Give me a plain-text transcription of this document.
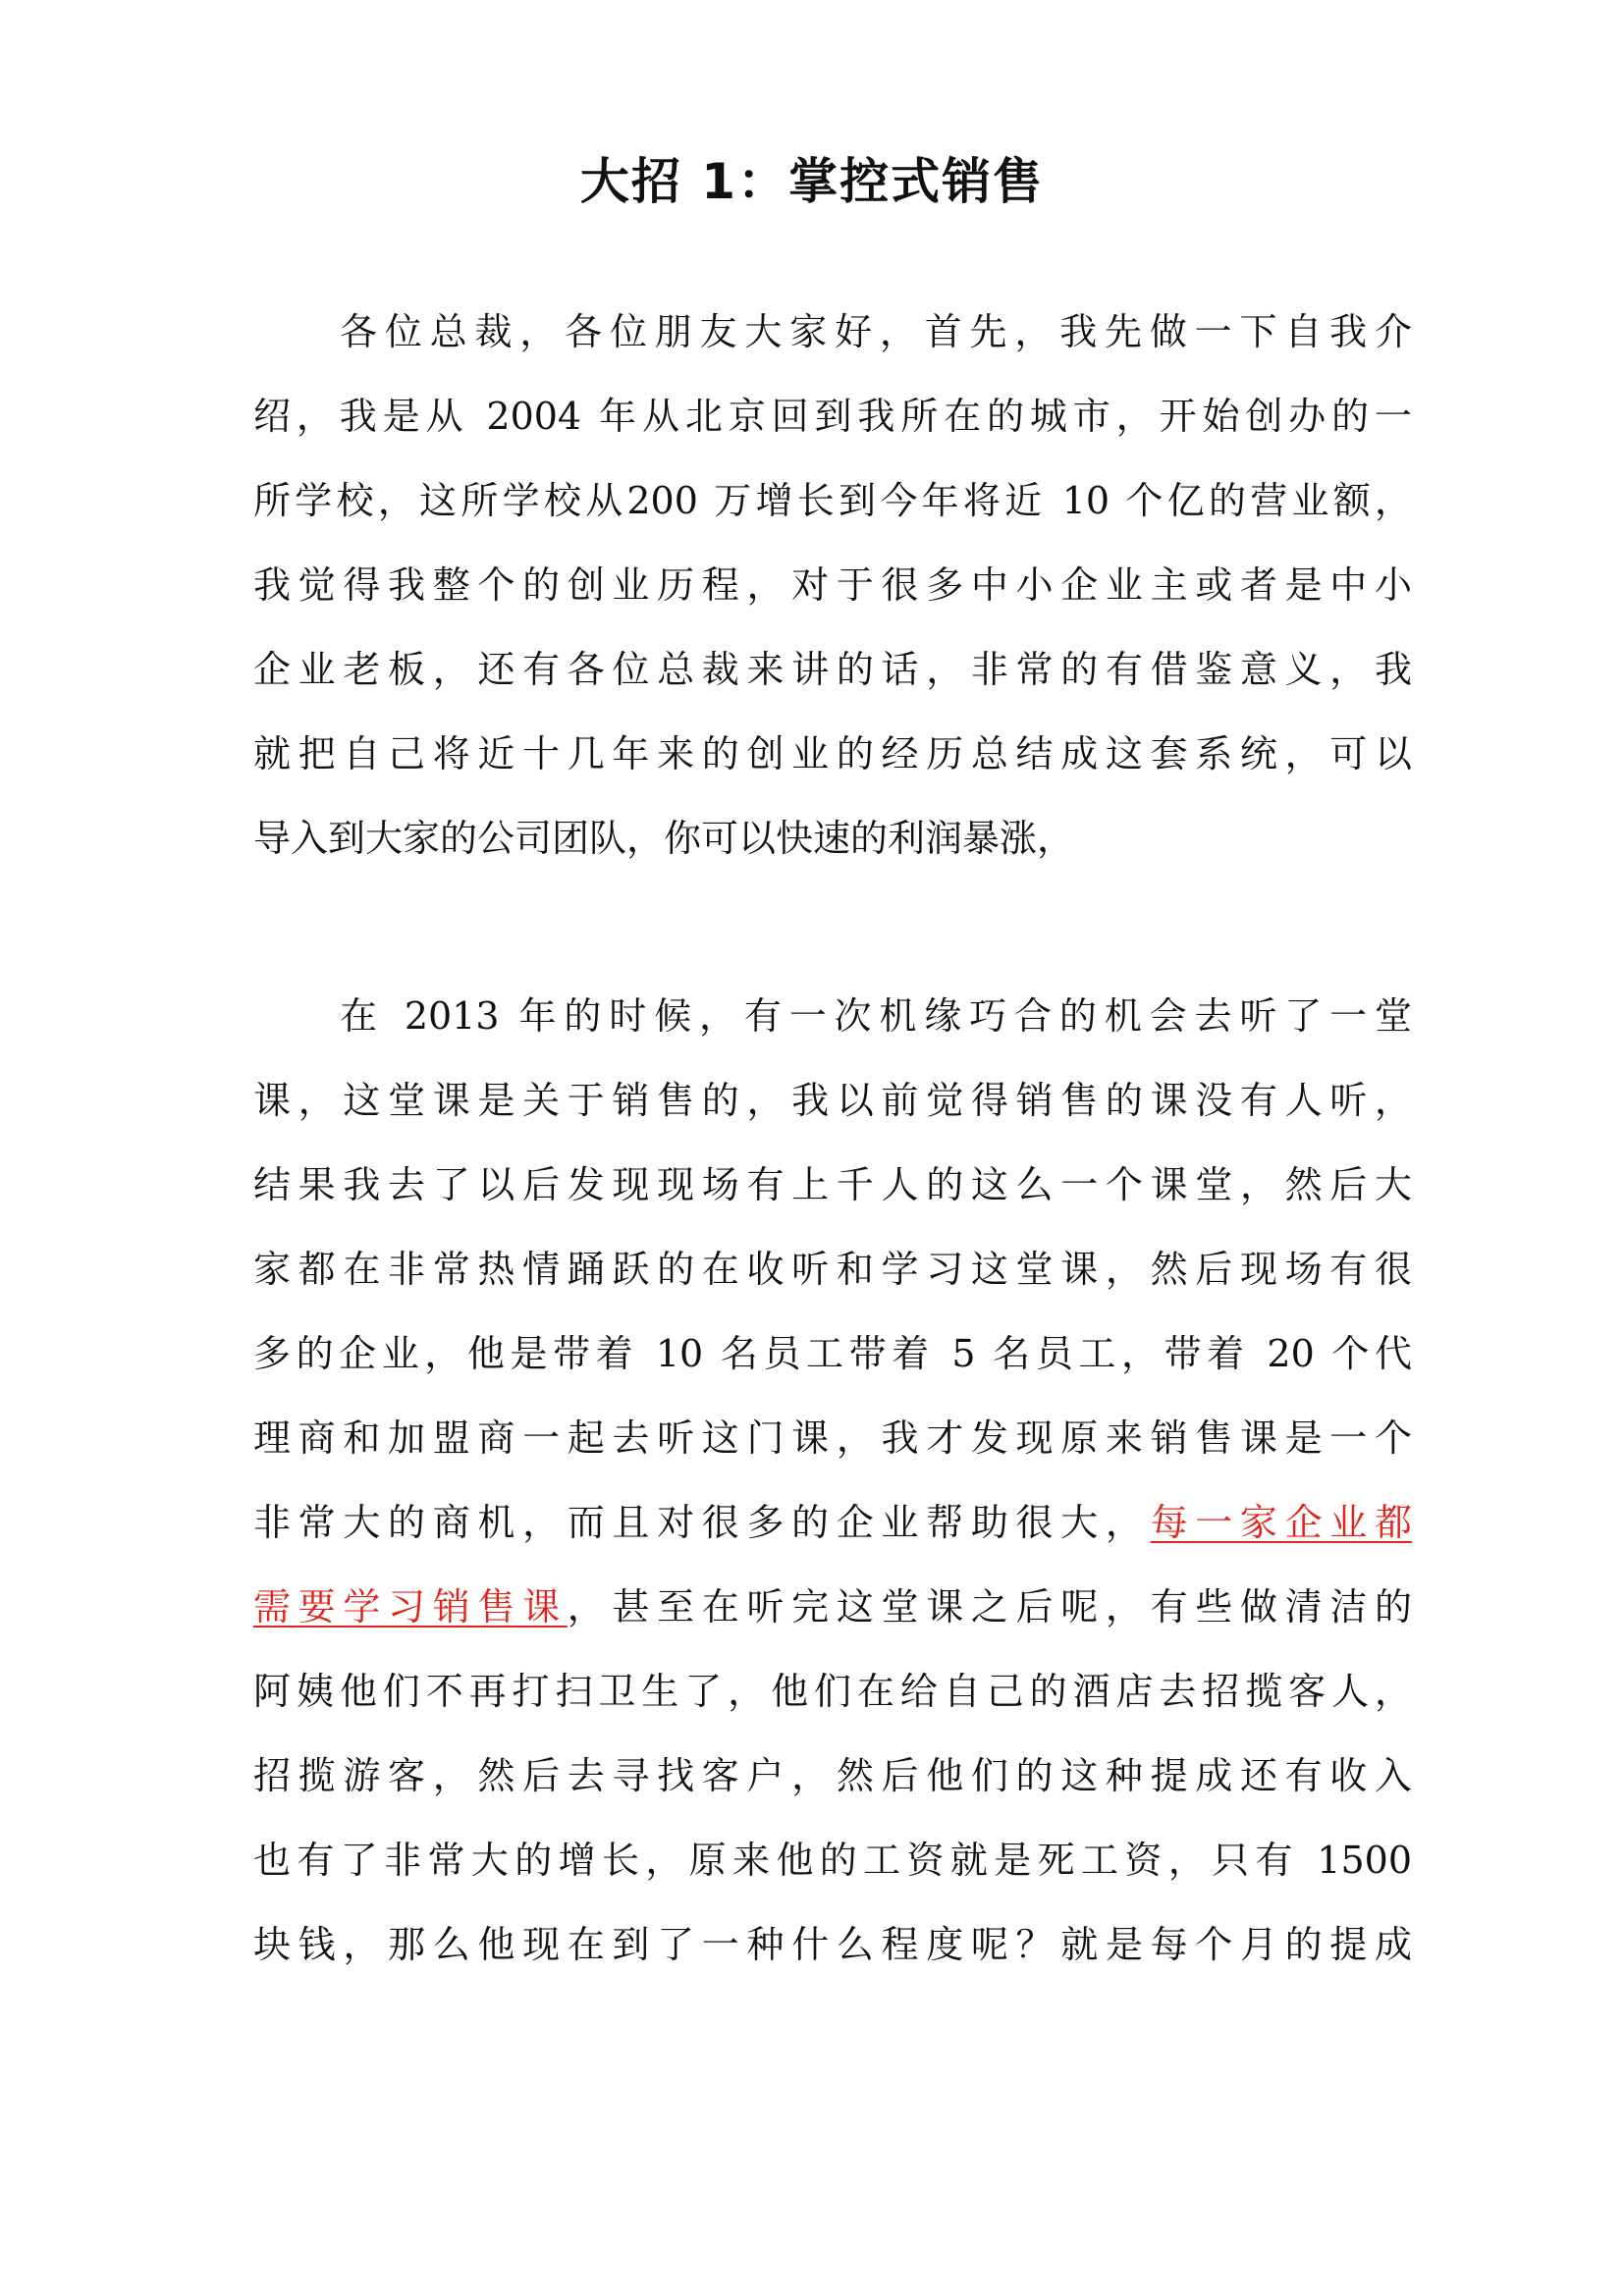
大招 1：掌控式销售
各位总裁，各位朋友大家好，首先，我先做一下自我介
绍，我是从 2004 年从北京回到我所在的城市，开始创办的一
所学校，这所学校从200 万增长到今年将近 10 个亿的营业额，
我觉得我整个的创业历程，对于很多中小企业主或者是中小
企业老板，还有各位总裁来讲的话，非常的有借鉴意义，我
就把自己将近十几年来的创业的经历总结成这套系统，可以
导入到大家的公司团队，你可以快速的利润暴涨，
在 2013 年的时候，有一次机缘巧合的机会去听了一堂
课，这堂课是关于销售的，我以前觉得销售的课没有人听，
结果我去了以后发现现场有上千人的这么一个课堂，然后大
家都在非常热情踊跃的在收听和学习这堂课，然后现场有很
多的企业，他是带着 10 名员工带着 5 名员工，带着 20 个代
理商和加盟商一起去听这门课，我才发现原来销售课是一个
非常大的商机，而且对很多的企业帮助很大，每一家企业都
需要学习销售课，甚至在听完这堂课之后呢，有些做清洁的
阿姨他们不再打扫卫生了，他们在给自己的酒店去招揽客人，
招揽游客，然后去寻找客户，然后他们的这种提成还有收入
也有了非常大的增长，原来他的工资就是死工资，只有 1500
块钱，那么他现在到了一种什么程度呢？就是每个月的提成
